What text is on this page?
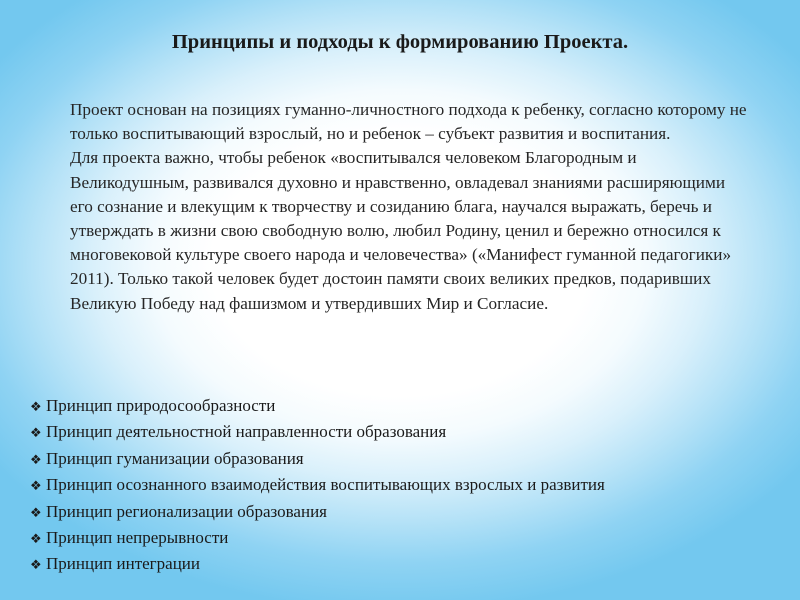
Принципы и подходы к формированию Проекта.

Проект основан на позициях гуманно-личностного подхода к ребенку, согласно которому не только воспитывающий взрослый, но и ребенок – субъект развития и воспитания.

Для проекта важно, чтобы ребенок «воспитывался человеком Благородным и Великодушным, развивался духовно и нравственно, овладевал знаниями расширяющими его сознание и влекущим к творчеству и созиданию блага, научался выражать, беречь и утверждать в жизни свою свободную волю, любил Родину, ценил и бережно относился к многовековой культуре своего народа и человечества» («Манифест гуманной педагогики» 2011). Только такой человек будет достоин памяти своих великих предков, подаривших Великую Победу над фашизмом и утвердивших Мир и Согласие.

❖ Принцип природосообразности
❖ Принцип деятельностной направленности образования
❖ Принцип гуманизации образования
❖ Принцип осознанного взаимодействия воспитывающих взрослых и развития
❖ Принцип регионализации образования
❖ Принцип непрерывности
❖ Принцип интеграции
